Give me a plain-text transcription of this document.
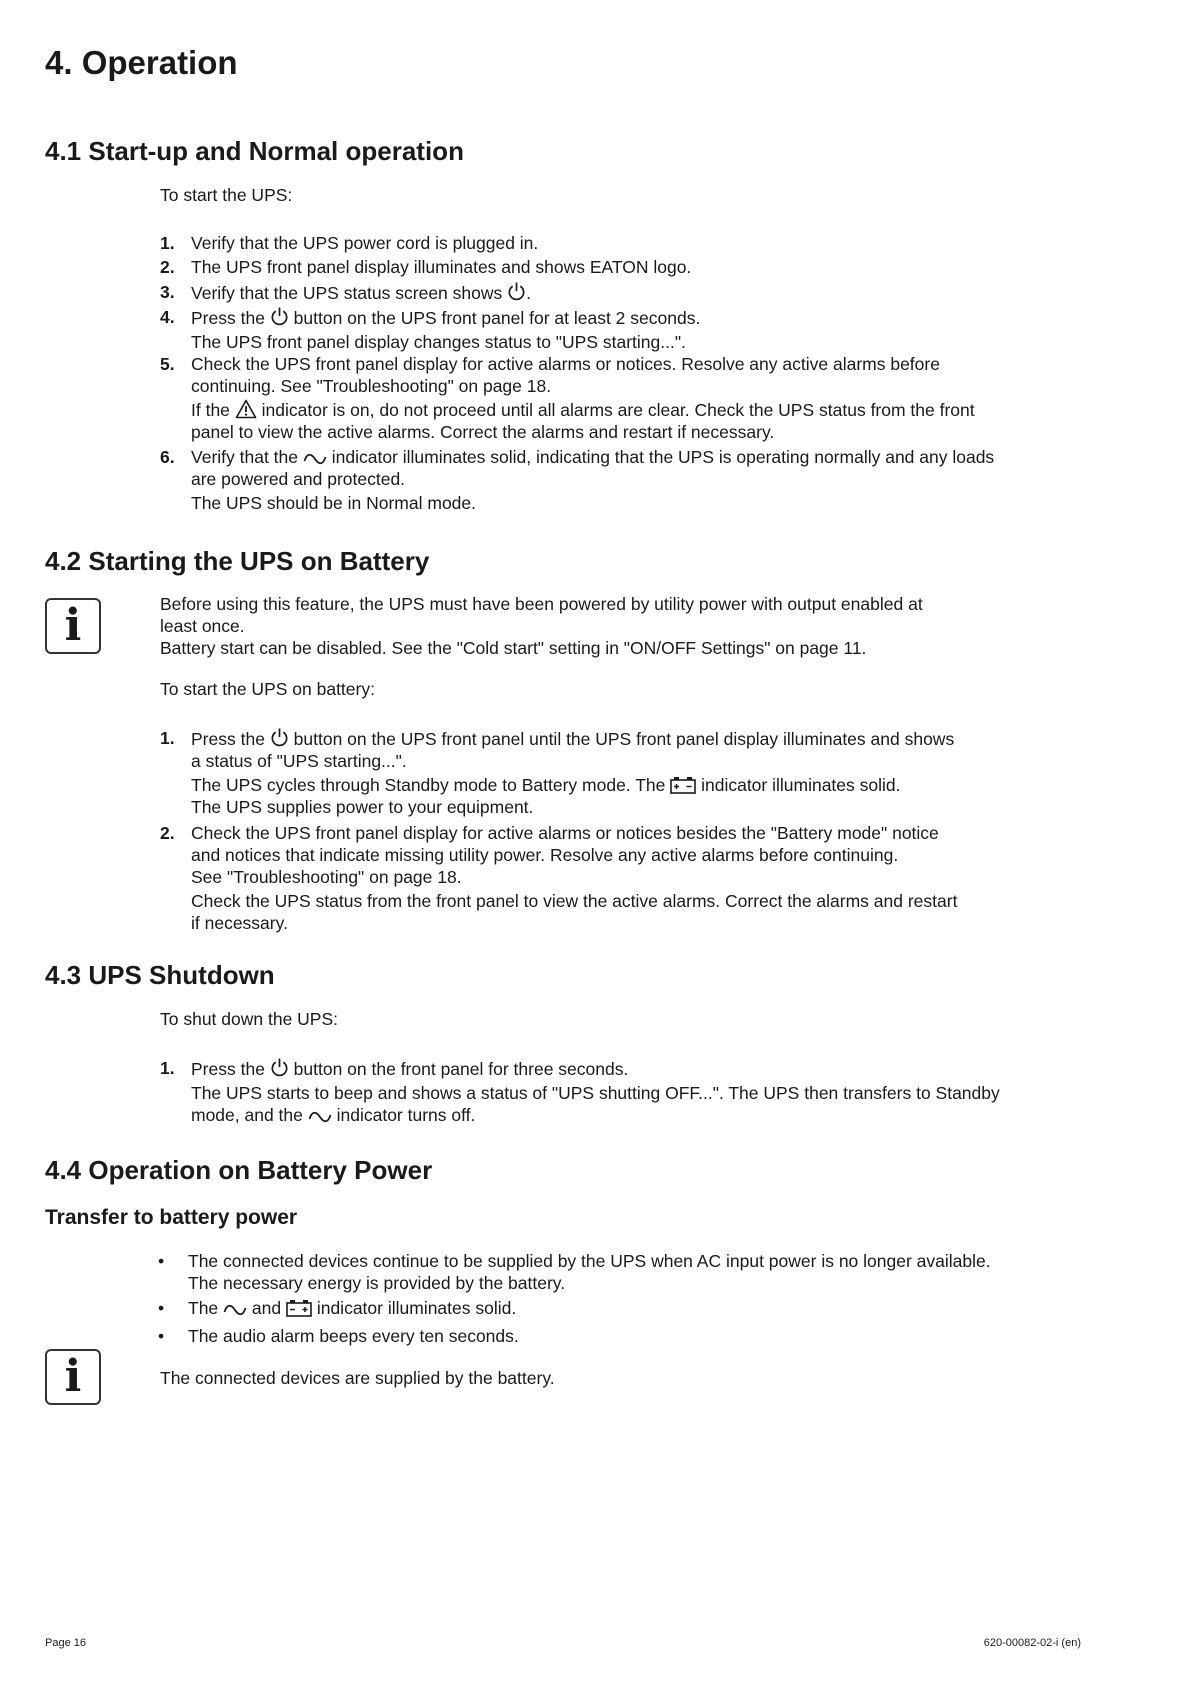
4. Operation
4.1 Start-up and Normal operation

To start the UPS:

1. Verify that the UPS power cord is plugged in.

2. The UPS front panel display illuminates and shows EATON logo.

3. Verify that the UPS status screen shows .

4. Press the  button on the UPS front panel for at least 2 seconds.

The UPS front panel display changes status to "UPS starting...".

5. Check the UPS front panel display for active alarms or notices. Resolve any active alarms before

continuing. See "Troubleshooting" on page 18.

If the  indicator is on, do not proceed until all alarms are clear. Check the UPS status from the front

panel to view the active alarms. Correct the alarms and restart if necessary.

6. Verify that the  indicator illuminates solid, indicating that the UPS is operating normally and any loads

are powered and protected.

The UPS should be in Normal mode.

4.2 Starting the UPS on Battery
i	Before using this feature, the UPS must have been powered by utility power with output enabled at

least once.

Battery start can be disabled. See the "Cold start" setting in "ON/OFF Settings" on page 11.

To start the UPS on battery:

1. Press the  button on the UPS front panel until the UPS front panel display illuminates and shows

a status of "UPS starting...".

The UPS cycles through Standby mode to Battery mode. The  indicator illuminates solid.

The UPS supplies power to your equipment.

2. Check the UPS front panel display for active alarms or notices besides the "Battery mode" notice

and notices that indicate missing utility power. Resolve any active alarms before continuing.

See "Troubleshooting" on page 18.

Check the UPS status from the front panel to view the active alarms. Correct the alarms and restart

if necessary.

4.3 UPS Shutdown

To shut down the UPS:

1. Press the  button on the front panel for three seconds.

The UPS starts to beep and shows a status of "UPS shutting OFF...". The UPS then transfers to Standby

mode, and the  indicator turns off.

4.4 Operation on Battery Power
Transfer to battery power
• The connected devices continue to be supplied by the UPS when AC input power is no longer available.

The necessary energy is provided by the battery.

• The  and  indicator illuminates solid.
• The audio alarm beeps every ten seconds.
i	The connected devices are supplied by the battery.

Page 16	620-00082-02-i (en)
